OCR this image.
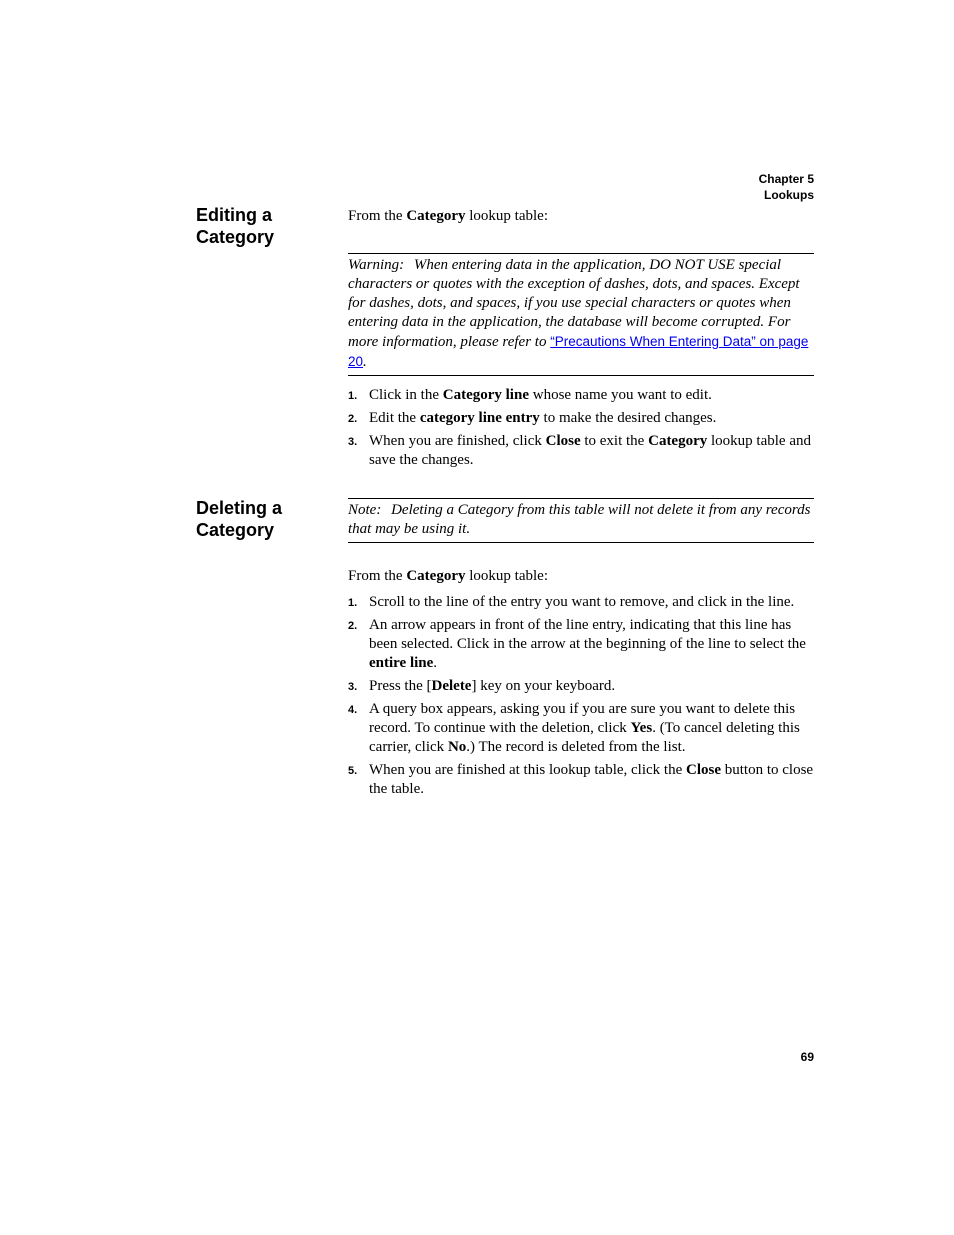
Chapter 5
Lookups
Editing a
Category

From the Category lookup table:

Warning: When entering data in the application, DO NOT USE special characters or quotes with the exception of dashes, dots, and spaces. Except for dashes, dots, and spaces, if you use special characters or quotes when entering data in the application, the database will become corrupted. For more information, please refer to “Precautions When Entering Data” on page 20.

1. Click in the Category line whose name you want to edit.
2. Edit the category line entry to make the desired changes.
3. When you are finished, click Close to exit the Category lookup table and save the changes.
Deleting a
Category

Note: Deleting a Category from this table will not delete it from any records that may be using it.

From the Category lookup table:

1. Scroll to the line of the entry you want to remove, and click in the line.
2. An arrow appears in front of the line entry, indicating that this line has been selected. Click in the arrow at the beginning of the line to select the entire line.
3. Press the [Delete] key on your keyboard.
4. A query box appears, asking you if you are sure you want to delete this record. To continue with the deletion, click Yes. (To cancel deleting this carrier, click No.) The record is deleted from the list.
5. When you are finished at this lookup table, click the Close button to close the table.
69
